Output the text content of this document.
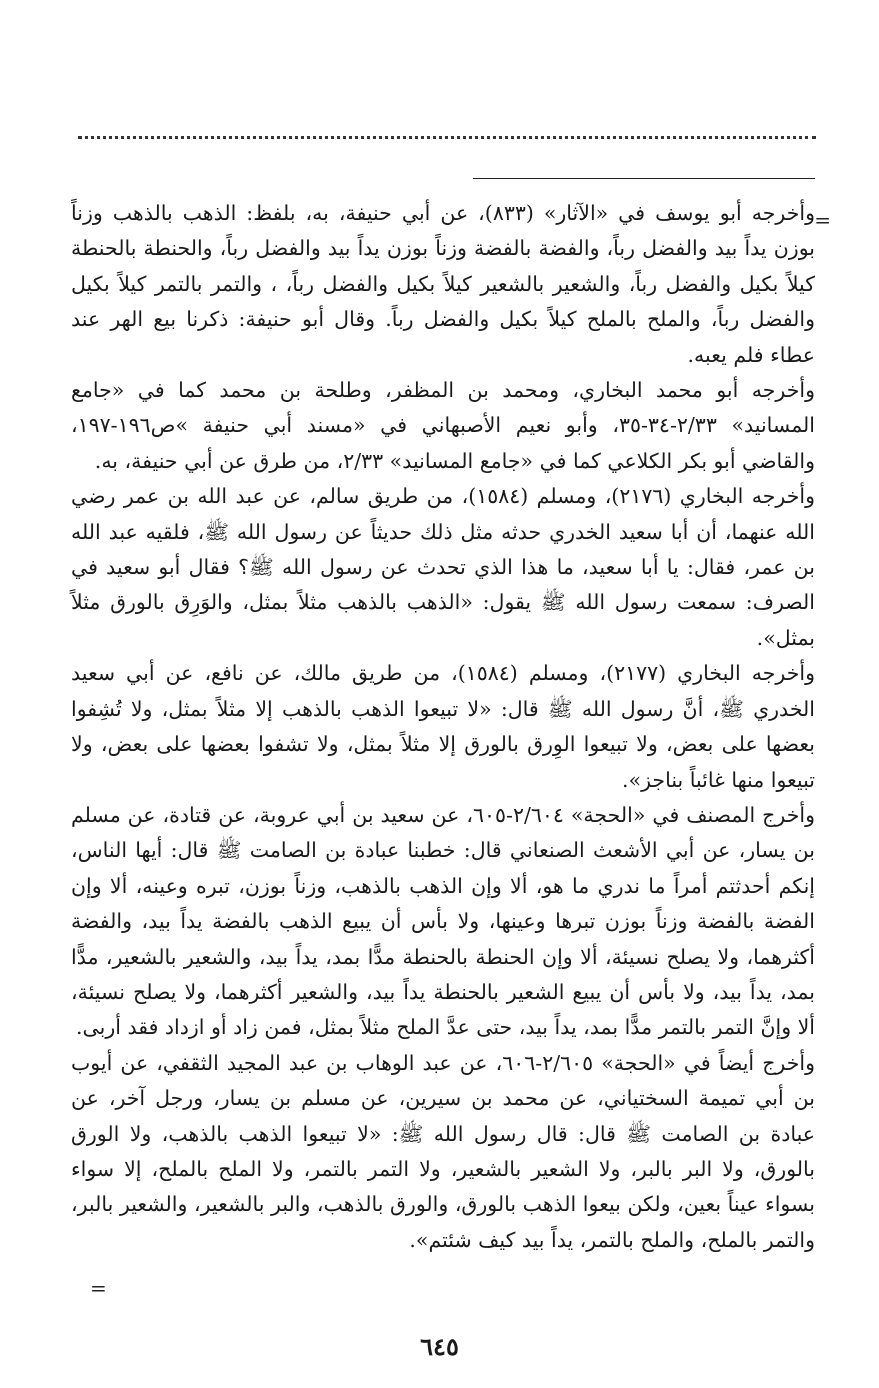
=

وأخرجه أبو يوسف في «الآثار» (٨٣٣)، عن أبي حنيفة، به، بلفظ: الذهب بالذهب وزناً بوزن يداً بيد والفضل رباً، والفضة بالفضة وزناً بوزن يداً بيد والفضل رباً، والحنطة بالحنطة كيلاً بكيل والفضل رباً، والشعير بالشعير كيلاً بكيل والفضل رباً، ، والتمر بالتمر كيلاً بكيل والفضل رباً، والملح بالملح كيلاً بكيل والفضل رباً. وقال أبو حنيفة: ذكرنا بيع الهر عند عطاء فلم يعبه.

وأخرجه أبو محمد البخاري، ومحمد بن المظفر، وطلحة بن محمد كما في «جامع المسانيد» ٢/٣٣-٣٤-٣٥، وأبو نعيم الأصبهاني في «مسند أبي حنيفة »ص١٩٦-١٩٧، والقاضي أبو بكر الكلاعي كما في «جامع المسانيد» ٢/٣٣، من طرق عن أبي حنيفة، به.

وأخرجه البخاري (٢١٧٦)، ومسلم (١٥٨٤)، من طريق سالم، عن عبد الله بن عمر رضي الله عنهما، أن أبا سعيد الخدري حدثه مثل ذلك حديثاً عن رسول الله ﷺ، فلقيه عبد الله بن عمر، فقال: يا أبا سعيد، ما هذا الذي تحدث عن رسول الله ﷺ؟ فقال أبو سعيد في الصرف: سمعت رسول الله ﷺ يقول: «الذهب بالذهب مثلاً بمثل، والوَرِق بالورق مثلاً بمثل».

وأخرجه البخاري (٢١٧٧)، ومسلم (١٥٨٤)، من طريق مالك، عن نافع، عن أبي سعيد الخدري ﷺ، أنَّ رسول الله ﷺ قال: «لا تبيعوا الذهب بالذهب إلا مثلاً بمثل، ولا تُشِفوا بعضها على بعض، ولا تبيعوا الوِرق بالورق إلا مثلاً بمثل، ولا تشفوا بعضها على بعض، ولا تبيعوا منها غائباً بناجز».

وأخرج المصنف في «الحجة» ٢/٦٠٤-٦٠٥، عن سعيد بن أبي عروبة، عن قتادة، عن مسلم بن يسار، عن أبي الأشعث الصنعاني قال: خطبنا عبادة بن الصامت ﷺ قال: أيها الناس، إنكم أحدثتم أمراً ما ندري ما هو، ألا وإن الذهب بالذهب، وزناً بوزن، تبره وعينه، ألا وإن الفضة بالفضة وزناً بوزن تبرها وعينها، ولا بأس أن يبيع الذهب بالفضة يداً بيد، والفضة أكثرهما، ولا يصلح نسيئة، ألا وإن الحنطة بالحنطة مدًّا بمد، يداً بيد، والشعير بالشعير، مدًّا بمد، يداً بيد، ولا بأس أن يبيع الشعير بالحنطة يداً بيد، والشعير أكثرهما، ولا يصلح نسيئة، ألا وإنَّ التمر بالتمر مدًّا بمد، يداً بيد، حتى عدَّ الملح مثلاً بمثل، فمن زاد أو ازداد فقد أربى.

وأخرج أيضاً في «الحجة» ٢/٦٠٥-٦٠٦، عن عبد الوهاب بن عبد المجيد الثقفي، عن أيوب بن أبي تميمة السختياني، عن محمد بن سيرين، عن مسلم بن يسار، ورجل آخر، عن عبادة بن الصامت ﷺ قال: قال رسول الله ﷺ: «لا تبيعوا الذهب بالذهب، ولا الورق بالورق، ولا البر بالبر، ولا الشعير بالشعير، ولا التمر بالتمر، ولا الملح بالملح، إلا سواء بسواء عيناً بعين، ولكن بيعوا الذهب بالورق، والورق بالذهب، والبر بالشعير، والشعير بالبر، والتمر بالملح، والملح بالتمر، يداً بيد كيف شئتم».

=
٦٤٥
